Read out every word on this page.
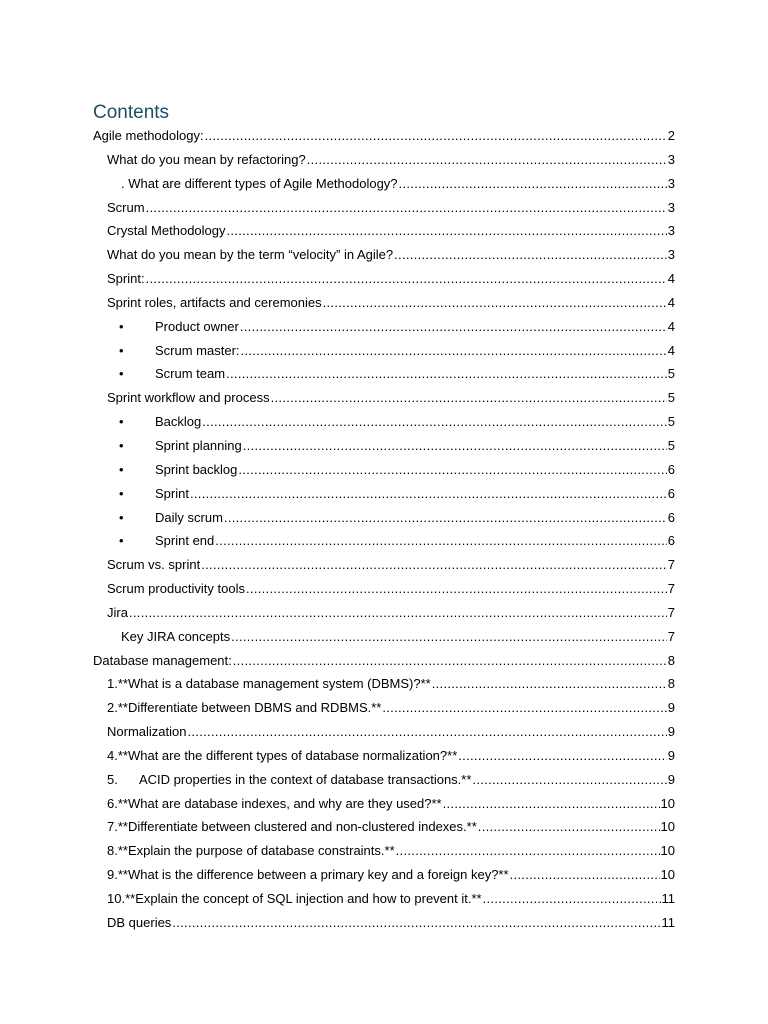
Contents
Agile methodology: .....	2
What do you mean by refactoring? .....	3
. What are different types of Agile Methodology? .....	3
Scrum .....	3
Crystal Methodology .....	3
What do you mean by the term “velocity” in Agile? .....	3
Sprint: .....	4
Sprint roles, artifacts and ceremonies .....	4
• Product owner .....	4
• Scrum master: .....	4
• Scrum team .....	5
Sprint workflow and process .....	5
• Backlog .....	5
• Sprint planning .....	5
• Sprint backlog .....	6
• Sprint .....	6
• Daily scrum .....	6
• Sprint end .....	6
Scrum vs. sprint .....	7
Scrum productivity tools .....	7
Jira .....	7
Key JIRA concepts .....	7
Database management: .....	8
1.**What is a database management system (DBMS)?** .....	8
2.**Differentiate between DBMS and RDBMS.** .....	9
Normalization .....	9
4.**What are the different types of database normalization?** .....	9
5. ACID properties in the context of database transactions.** .....	9
6.**What are database indexes, and why are they used?** .....	10
7.**Differentiate between clustered and non-clustered indexes.** .....	10
8.**Explain the purpose of database constraints.** .....	10
9.**What is the difference between a primary key and a foreign key?** .....	10
10.**Explain the concept of SQL injection and how to prevent it.** .....	11
DB queries .....	11
